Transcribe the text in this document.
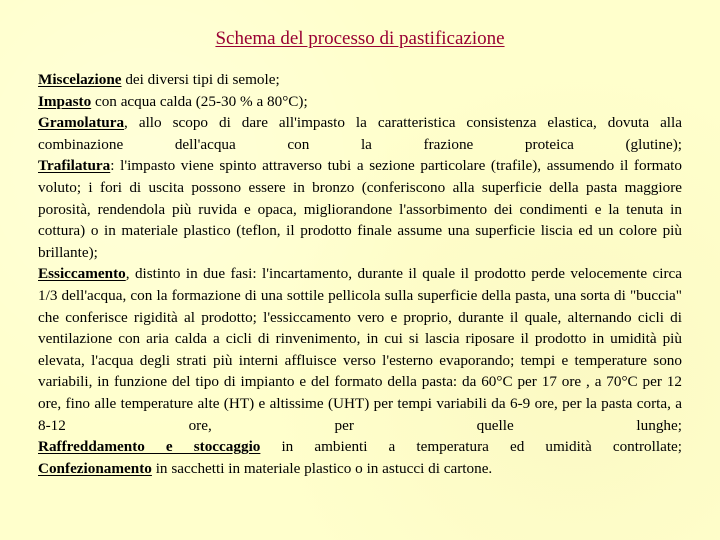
Schema del processo di pastificazione

Miscelazione dei diversi tipi di semole;

Impasto con acqua calda (25-30 % a 80°C);

Gramolatura, allo scopo di dare all'impasto la caratteristica consistenza elastica, dovuta alla combinazione dell'acqua con la frazione proteica (glutine);

Trafilatura: l'impasto viene spinto attraverso tubi a sezione particolare (trafile), assumendo il formato voluto; i fori di uscita possono essere in bronzo (conferiscono alla superficie della pasta maggiore porosità, rendendola più ruvida e opaca, migliorandone l'assorbimento dei condimenti e la tenuta in cottura) o in materiale plastico (teflon, il prodotto finale assume una superficie liscia ed un colore più brillante);

Essiccamento, distinto in due fasi: l'incartamento, durante il quale il prodotto perde velocemente circa 1/3 dell'acqua, con la formazione di una sottile pellicola sulla superficie della pasta, una sorta di "buccia" che conferisce rigidità al prodotto; l'essiccamento vero e proprio, durante il quale, alternando cicli di ventilazione con aria calda a cicli di rinvenimento, in cui si lascia riposare il prodotto in umidità più elevata, l'acqua degli strati più interni affluisce verso l'esterno evaporando; tempi e temperature sono variabili, in funzione del tipo di impianto e del formato della pasta: da 60°C per 17 ore , a 70°C per 12 ore, fino alle temperature alte (HT) e altissime (UHT) per tempi variabili da 6-9 ore, per la pasta corta, a 8-12 ore, per quelle lunghe;

Raffreddamento e stoccaggio in ambienti a temperatura ed umidità controllate;

Confezionamento in sacchetti in materiale plastico o in astucci di cartone.
